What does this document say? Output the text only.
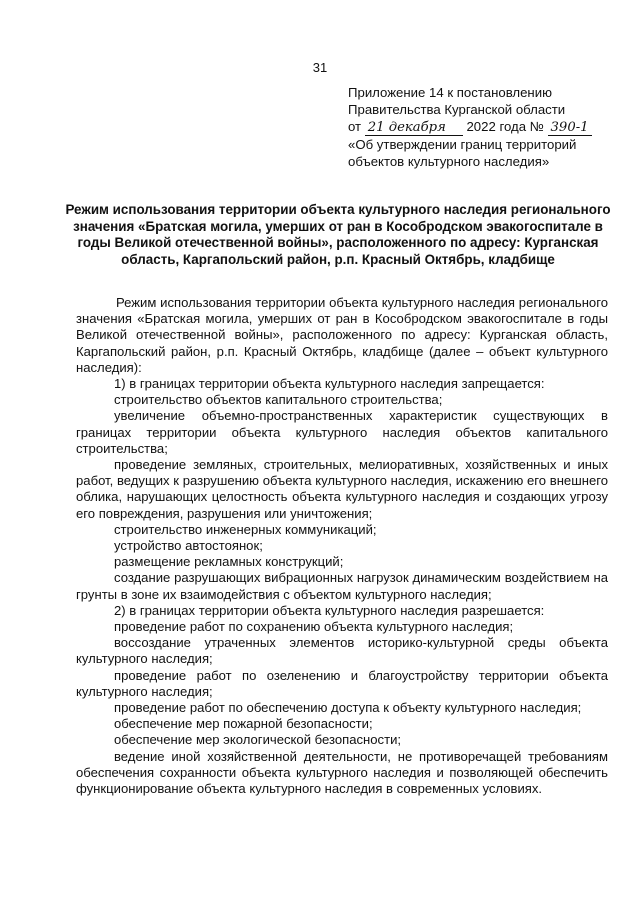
31
Приложение 14 к постановлению
Правительства Курганской области
от 21 декабря 2022 года № 390-1
«Об утверждении границ территорий
объектов культурного наследия»
Режим использования территории объекта культурного наследия регионального значения «Братская могила, умерших от ран в Кособродском эвакогоспитале в годы Великой отечественной войны», расположенного по адресу: Курганская область, Каргапольский район, р.п. Красный Октябрь, кладбище

Режим использования территории объекта культурного наследия регионального значения «Братская могила, умерших от ран в Кособродском эвакогоспитале в годы Великой отечественной войны», расположенного по адресу: Курганская область, Каргапольский район, р.п. Красный Октябрь, кладбище (далее – объект культурного наследия):

1) в границах территории объекта культурного наследия запрещается:

строительство объектов капитального строительства;

увеличение объемно-пространственных характеристик существующих в границах территории объекта культурного наследия объектов капитального строительства;

проведение земляных, строительных, мелиоративных, хозяйственных и иных работ, ведущих к разрушению объекта культурного наследия, искажению его внешнего облика, нарушающих целостность объекта культурного наследия и создающих угрозу его повреждения, разрушения или уничтожения;

строительство инженерных коммуникаций;

устройство автостоянок;

размещение рекламных конструкций;

создание разрушающих вибрационных нагрузок динамическим воздействием на грунты в зоне их взаимодействия с объектом культурного наследия;

2) в границах территории объекта культурного наследия разрешается:

проведение работ по сохранению объекта культурного наследия;

воссоздание утраченных элементов историко-культурной среды объекта культурного наследия;

проведение работ по озеленению и благоустройству территории объекта культурного наследия;

проведение работ по обеспечению доступа к объекту культурного наследия;

обеспечение мер пожарной безопасности;

обеспечение мер экологической безопасности;

ведение иной хозяйственной деятельности, не противоречащей требованиям обеспечения сохранности объекта культурного наследия и позволяющей обеспечить функционирование объекта культурного наследия в современных условиях.
